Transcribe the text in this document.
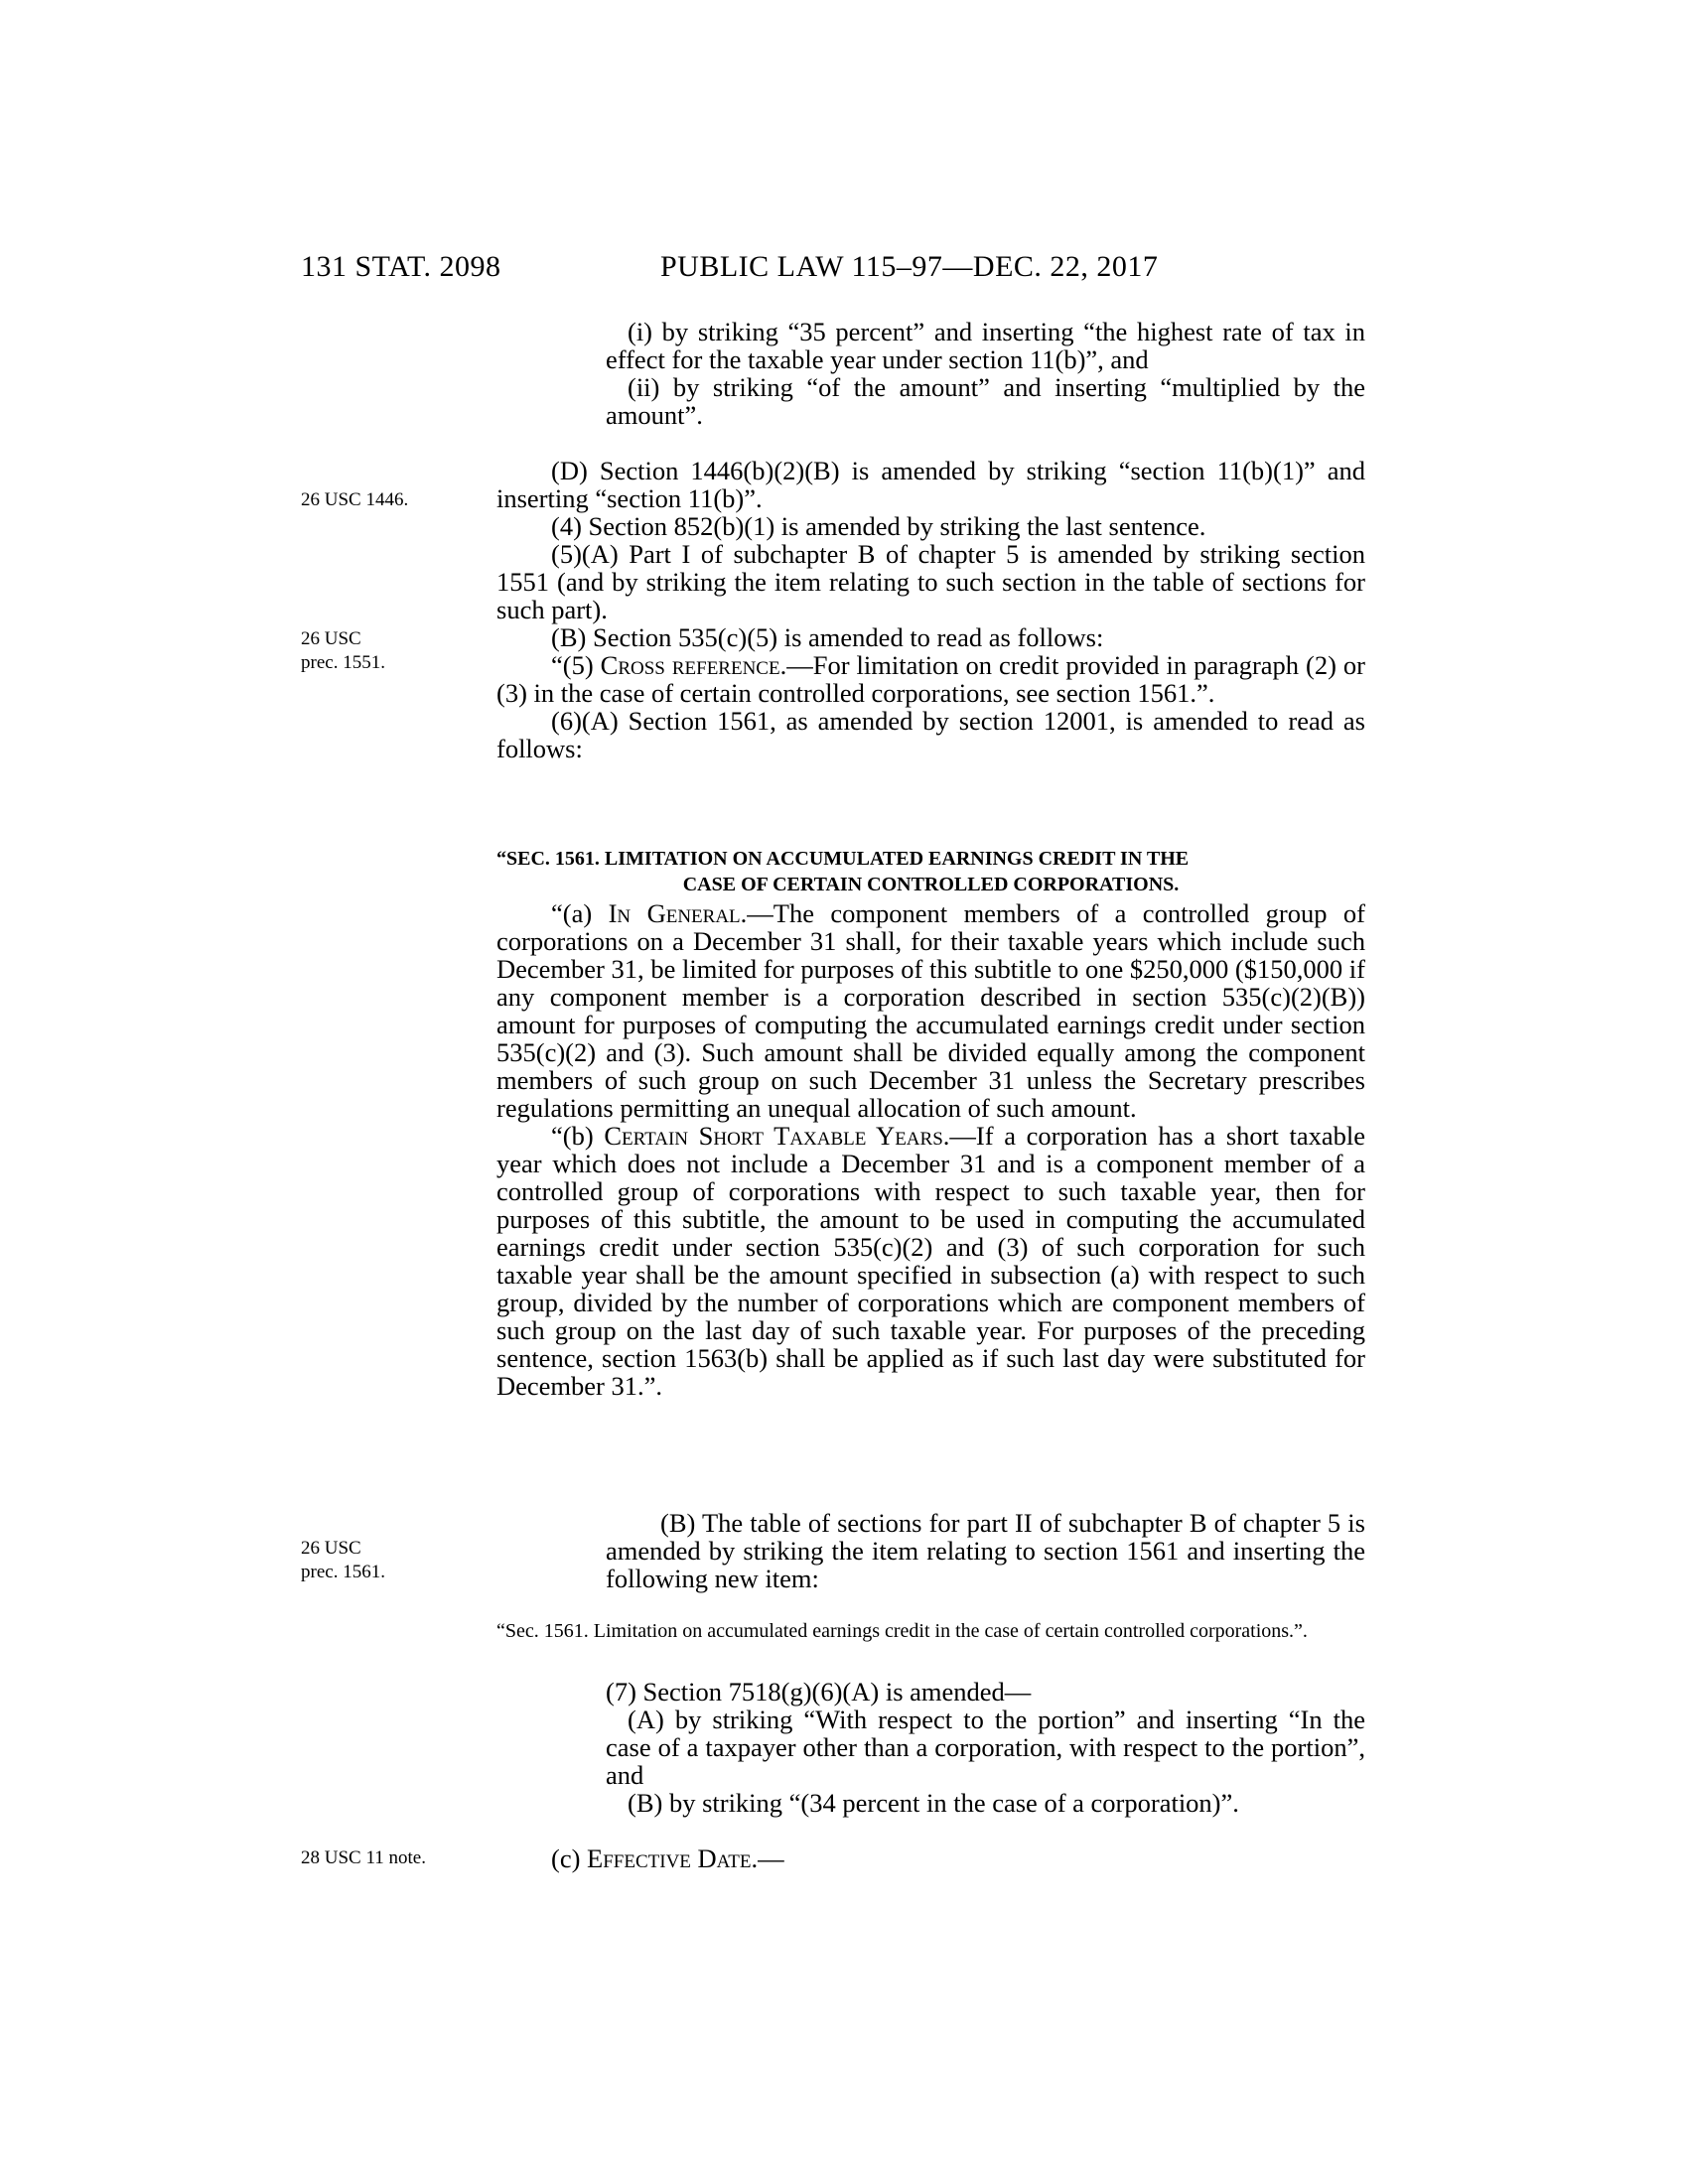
131 STAT. 2098	PUBLIC LAW 115–97—DEC. 22, 2017
26 USC 1446.
26 USC
prec. 1551.
26 USC
prec. 1561.
28 USC 11 note.

(i) by striking “35 percent” and inserting “the highest rate of tax in effect for the taxable year under section 11(b)”, and

(ii) by striking “of the amount” and inserting “multiplied by the amount”.

(D) Section 1446(b)(2)(B) is amended by striking “section 11(b)(1)” and inserting “section 11(b)”.

(4) Section 852(b)(1) is amended by striking the last sentence.

(5)(A) Part I of subchapter B of chapter 5 is amended by striking section 1551 (and by striking the item relating to such section in the table of sections for such part).

(B) Section 535(c)(5) is amended to read as follows:

“(5) Cross reference.—For limitation on credit provided in paragraph (2) or (3) in the case of certain controlled corporations, see section 1561.”.

(6)(A) Section 1561, as amended by section 12001, is amended to read as follows:

“SEC. 1561. LIMITATION ON ACCUMULATED EARNINGS CREDIT IN THE
CASE OF CERTAIN CONTROLLED CORPORATIONS.

“(a) In General.—The component members of a controlled group of corporations on a December 31 shall, for their taxable years which include such December 31, be limited for purposes of this subtitle to one $250,000 ($150,000 if any component member is a corporation described in section 535(c)(2)(B)) amount for purposes of computing the accumulated earnings credit under section 535(c)(2) and (3). Such amount shall be divided equally among the component members of such group on such December 31 unless the Secretary prescribes regulations permitting an unequal allocation of such amount.

“(b) Certain Short Taxable Years.—If a corporation has a short taxable year which does not include a December 31 and is a component member of a controlled group of corporations with respect to such taxable year, then for purposes of this subtitle, the amount to be used in computing the accumulated earnings credit under section 535(c)(2) and (3) of such corporation for such taxable year shall be the amount specified in subsection (a) with respect to such group, divided by the number of corporations which are component members of such group on the last day of such taxable year. For purposes of the preceding sentence, section 1563(b) shall be applied as if such last day were substituted for December 31.”.

(B) The table of sections for part II of subchapter B of chapter 5 is amended by striking the item relating to section 1561 and inserting the following new item:

“Sec. 1561. Limitation on accumulated earnings credit in the case of certain controlled corporations.”.

(7) Section 7518(g)(6)(A) is amended—

(A) by striking “With respect to the portion” and inserting “In the case of a taxpayer other than a corporation, with respect to the portion”, and

(B) by striking “(34 percent in the case of a corporation)”.

(c) Effective Date.—
